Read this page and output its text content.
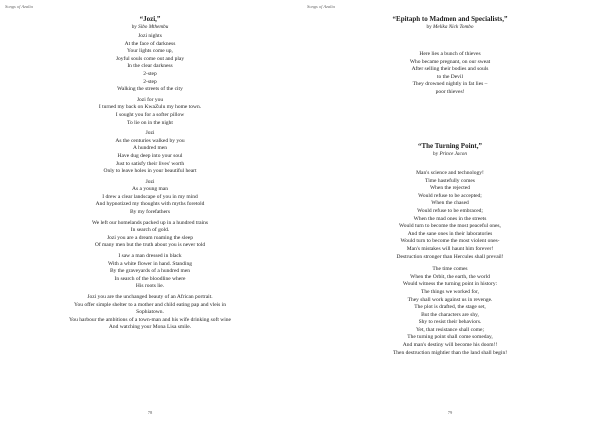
Songs of Azalia
“Jozi,”
by Sibo Mthembu
Jozi nights
At the face of darkness
Your lights come up,
Joyful souls come out and play
In the clear darkness
2-step
2-step
Walking the streets of the city
Jozi for you
I turned my back on KwaZulu my home town.
I sought you for a softer pillow
To lie on in the night
Jozi
As the centuries walked by you
A hundred men
Have dug deep into your soul
Just to satisfy their lives' worth
Only to leave holes in your beautiful heart
Jozi
As a young man
I drew a clear landscape of you in my mind
And hypnotized my thoughts with myths foretold
By my forefathers
We left our homelands packed up in a hundred trains
In search of gold.
Jozi you are a dream roaming the sleep
Of many men but the truth about you is never told
I saw a man dressed in black
With a white flower in hand. Standing
By the graveyards of a hundred men
In search of the bloodline where
His roots lie.
Jozi you are the unchanged beauty of an African portrait.
You offer simple shelter to a mother and child eating pap and vleis in
Sophiatown.
You harbour the ambitions of a town-man and his wife drinking soft wine
And watching your Mona Lisa smile.
78
Songs of Azalia
“Epitaph to Madmen and Specialists,”
by Melika Nick Tombo
Here lies a bunch of thieves
Who became pregnant, on our sweat
After selling their bodies and souls
to the Devil
They drowned nightly in fat lies –
poor thieves!
“The Turning Point,”
by Prince Jacon
Man's science and technology!
Time hastefully comes
When the rejected
Would refuse to be accepted;
When the chased
Would refuse to be embraced;
When the mad ones in the streets
Would turn to become the most peaceful ones,
And the sane ones in their laboratories
Would turn to become the most violent ones-
Man's mistakes will haunt him forever!
Destruction stronger than Hercules shall prevail!
The time comes
When the Orbit, the earth, the world
Would witness the turning point in history:
The things we worked for,
They shall work against us in revenge.
The plot is drafted, the stage set,
But the characters are shy,
Shy to resist their behaviors.
Yet, that resistance shall come;
The turning point shall come someday,
And man's destiny will become his doom!!
Then destruction mightier than the land shall begin!
79
